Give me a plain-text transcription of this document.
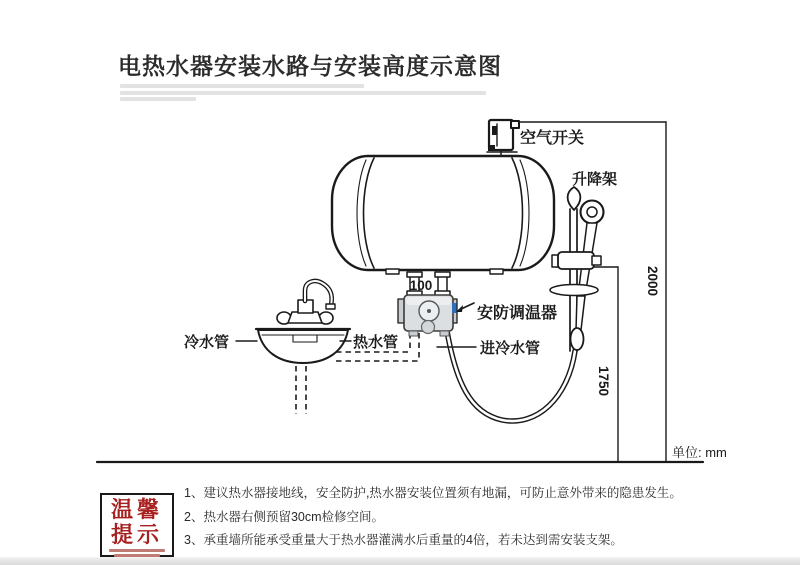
电热水器安装水路与安装高度示意图
空气开关
升降架
100
安防调温器
冷水管	热水管	进冷水管
2000
1750
单位: mm
温馨
提示
1、建议热水器接地线，安全防护,热水器安装位置须有地漏，可防止意外带来的隐患发生。
2、热水器右侧预留30cm检修空间。
3、承重墙所能承受重量大于热水器灌满水后重量的4倍，若未达到需安装支架。
